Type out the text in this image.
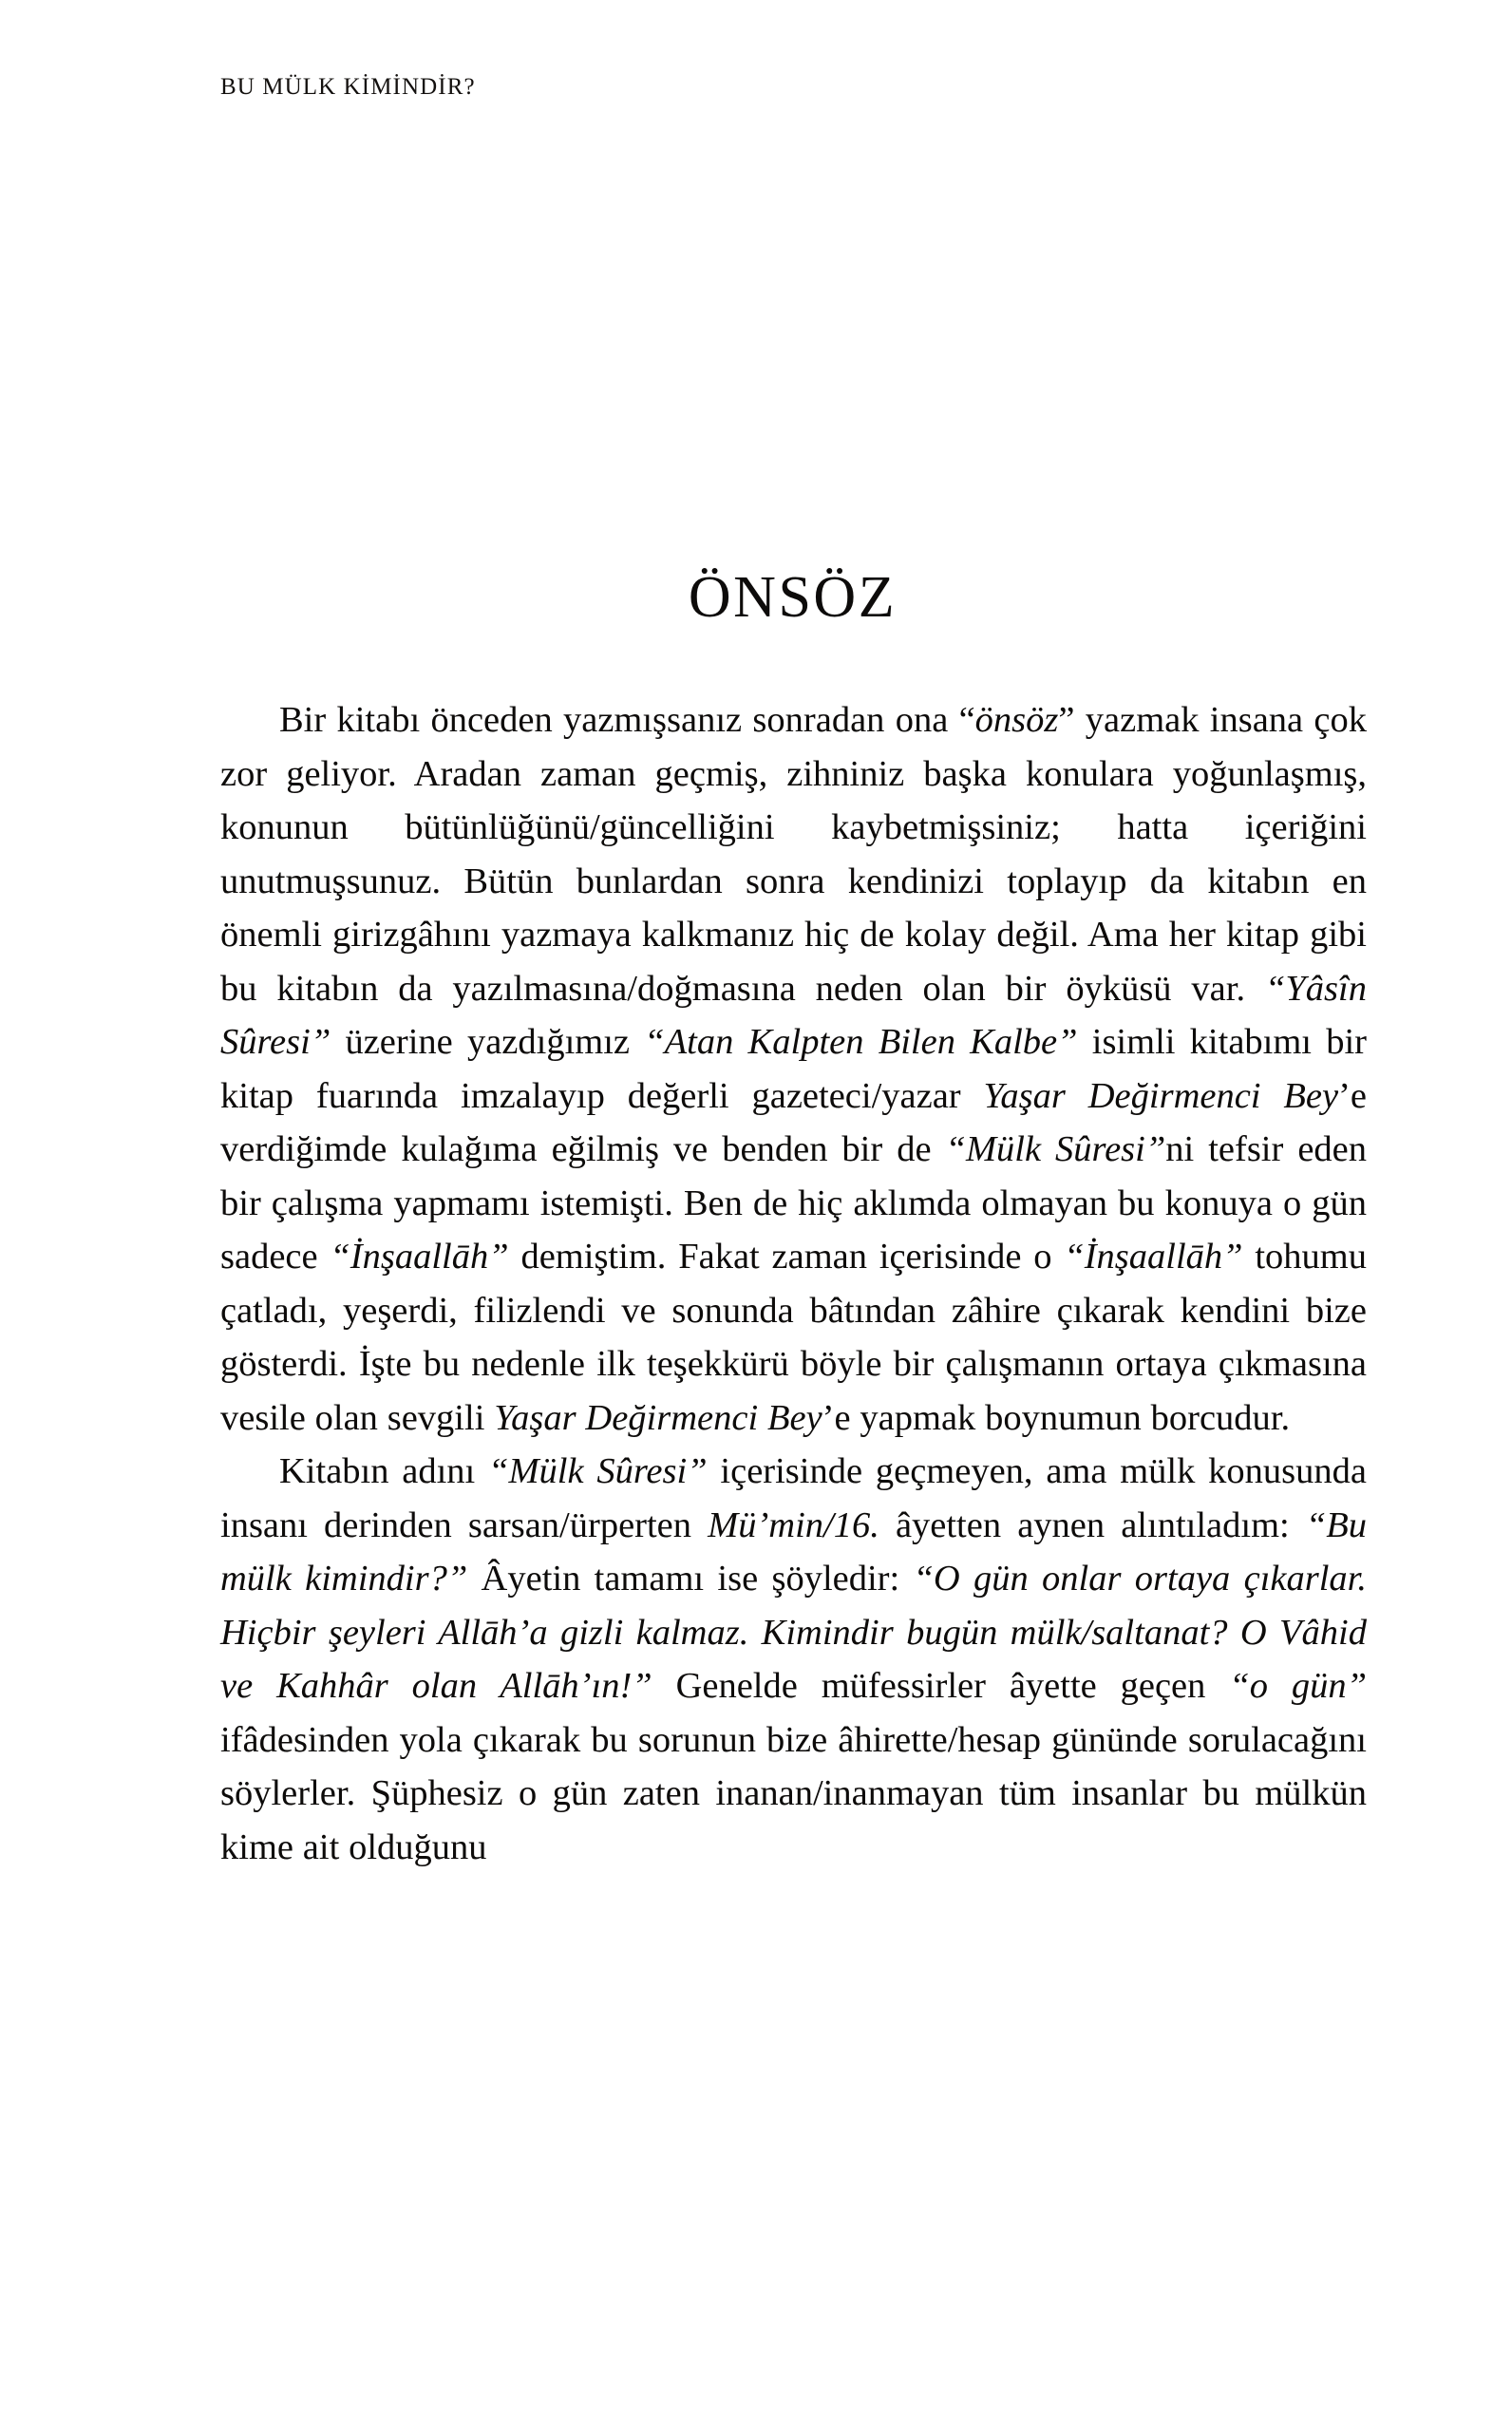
BU MÜLK KİMİNDİR?
ÖNSÖZ

Bir kitabı önceden yazmışsanız sonradan ona “önsöz” yazmak insana çok zor geliyor. Aradan zaman geçmiş, zihniniz başka konulara yoğunlaşmış, konunun bütünlüğünü/güncelliğini kaybetmişsiniz; hatta içeriğini unutmuşsunuz. Bütün bunlardan sonra kendinizi toplayıp da kitabın en önemli girizgâhını yazmaya kalkmanız hiç de kolay değil. Ama her kitap gibi bu kitabın da yazılmasına/doğmasına neden olan bir öyküsü var. “Yâsîn Sûresi” üzerine yazdığımız “Atan Kalpten Bilen Kalbe” isimli kitabımı bir kitap fuarında imzalayıp değerli gazeteci/yazar Yaşar Değirmenci Bey’e verdiğimde kulağıma eğilmiş ve benden bir de “Mülk Sûresi”ni tefsir eden bir çalışma yapmamı istemişti. Ben de hiç aklımda olmayan bu konuya o gün sadece “İnşaallāh” demiştim. Fakat zaman içerisinde o “İnşaallāh” tohumu çatladı, yeşerdi, filizlendi ve sonunda bâtından zâhire çıkarak kendini bize gösterdi. İşte bu nedenle ilk teşekkürü böyle bir çalışmanın ortaya çıkmasına vesile olan sevgili Yaşar Değirmenci Bey’e yapmak boynumun borcudur.

Kitabın adını “Mülk Sûresi” içerisinde geçmeyen, ama mülk konusunda insanı derinden sarsan/ürperten Mü’min/16. âyetten aynen alıntıladım: “Bu mülk kimindir?” Âyetin tamamı ise şöyledir: “O gün onlar ortaya çıkarlar. Hiçbir şeyleri Allāh’a gizli kalmaz. Kimindir bugün mülk/saltanat? O Vâhid ve Kahhâr olan Allāh’ın!” Genelde müfessirler âyette geçen “o gün” ifâdesinden yola çıkarak bu sorunun bize âhirette/hesap gününde sorulacağını söylerler. Şüphesiz o gün zaten inanan/inanmayan tüm insanlar bu mülkün kime ait olduğunu
